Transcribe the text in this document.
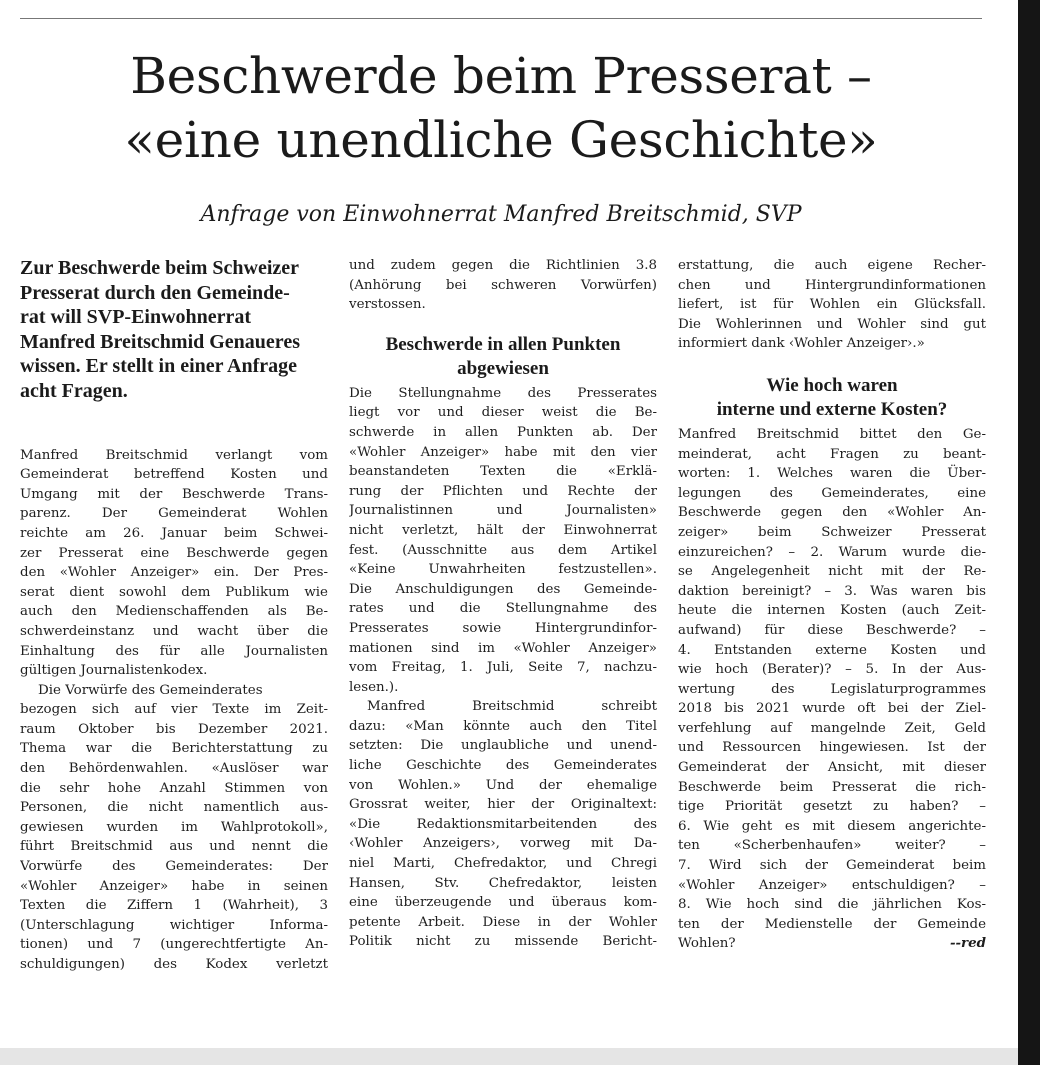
Beschwerde beim Presserat –
«eine unendliche Geschichte»
Anfrage von Einwohnerrat Manfred Breitschmid, SVP

Zur Beschwerde beim Schweizer
Presserat durch den Gemeinde-
rat will SVP-Einwohnerrat
Manfred Breitschmid Genaueres
wissen. Er stellt in einer Anfrage
acht Fragen.

Manfred Breitschmid verlangt vom
Gemeinderat betreffend Kosten und
Umgang mit der Beschwerde Trans-
parenz. Der Gemeinderat Wohlen
reichte am 26. Januar beim Schwei-
zer Presserat eine Beschwerde gegen
den «Wohler Anzeiger» ein. Der Pres-
serat dient sowohl dem Publikum wie
auch den Medienschaffenden als Be-
schwerdeinstanz und wacht über die
Einhaltung des für alle Journalisten
gültigen Journalistenkodex.
Die Vorwürfe des Gemeinderates
bezogen sich auf vier Texte im Zeit-
raum Oktober bis Dezember 2021.
Thema war die Berichterstattung zu
den Behördenwahlen. «Auslöser war
die sehr hohe Anzahl Stimmen von
Personen, die nicht namentlich aus-
gewiesen wurden im Wahlprotokoll»,
führt Breitschmid aus und nennt die
Vorwürfe des Gemeinderates: Der
«Wohler Anzeiger» habe in seinen
Texten die Ziffern 1 (Wahrheit), 3
(Unterschlagung wichtiger Informa-
tionen) und 7 (ungerechtfertigte An-
schuldigungen) des Kodex verletzt
und zudem gegen die Richtlinien 3.8
(Anhörung bei schweren Vorwürfen)
verstossen.
Beschwerde in allen Punkten
abgewiesen
Die Stellungnahme des Presserates
liegt vor und dieser weist die Be-
schwerde in allen Punkten ab. Der
«Wohler Anzeiger» habe mit den vier
beanstandeten Texten die «Erklä-
rung der Pflichten und Rechte der
Journalistinnen und Journalisten»
nicht verletzt, hält der Einwohnerrat
fest. (Ausschnitte aus dem Artikel
«Keine Unwahrheiten festzustellen».
Die Anschuldigungen des Gemeinde-
rates und die Stellungnahme des
Presserates sowie Hintergrundinfor-
mationen sind im «Wohler Anzeiger»
vom Freitag, 1. Juli, Seite 7, nachzu-
lesen.).
Manfred Breitschmid schreibt
dazu: «Man könnte auch den Titel
setzten: Die unglaubliche und unend-
liche Geschichte des Gemeinderates
von Wohlen.» Und der ehemalige
Grossrat weiter, hier der Originaltext:
«Die Redaktionsmitarbeitenden des
‹Wohler Anzeigers›, vorweg mit Da-
niel Marti, Chefredaktor, und Chregi
Hansen, Stv. Chefredaktor, leisten
eine überzeugende und überaus kom-
petente Arbeit. Diese in der Wohler
Politik nicht zu missende Bericht-
erstattung, die auch eigene Recher-
chen und Hintergrundinformationen
liefert, ist für Wohlen ein Glücksfall.
Die Wohlerinnen und Wohler sind gut
informiert dank ‹Wohler Anzeiger›.»
Wie hoch waren
interne und externe Kosten?
Manfred Breitschmid bittet den Ge-
meinderat, acht Fragen zu beant-
worten: 1. Welches waren die Über-
legungen des Gemeinderates, eine
Beschwerde gegen den «Wohler An-
zeiger» beim Schweizer Presserat
einzureichen? – 2. Warum wurde die-
se Angelegenheit nicht mit der Re-
daktion bereinigt? – 3. Was waren bis
heute die internen Kosten (auch Zeit-
aufwand) für diese Beschwerde? –
4. Entstanden externe Kosten und
wie hoch (Berater)? – 5. In der Aus-
wertung des Legislaturprogrammes
2018 bis 2021 wurde oft bei der Ziel-
verfehlung auf mangelnde Zeit, Geld
und Ressourcen hingewiesen. Ist der
Gemeinderat der Ansicht, mit dieser
Beschwerde beim Presserat die rich-
tige Priorität gesetzt zu haben? –
6. Wie geht es mit diesem angerichte-
ten «Scherbenhaufen» weiter? –
7. Wird sich der Gemeinderat beim
«Wohler Anzeiger» entschuldigen? –
8. Wie hoch sind die jährlichen Kos-
ten der Medienstelle der Gemeinde
Wohlen?	--red
